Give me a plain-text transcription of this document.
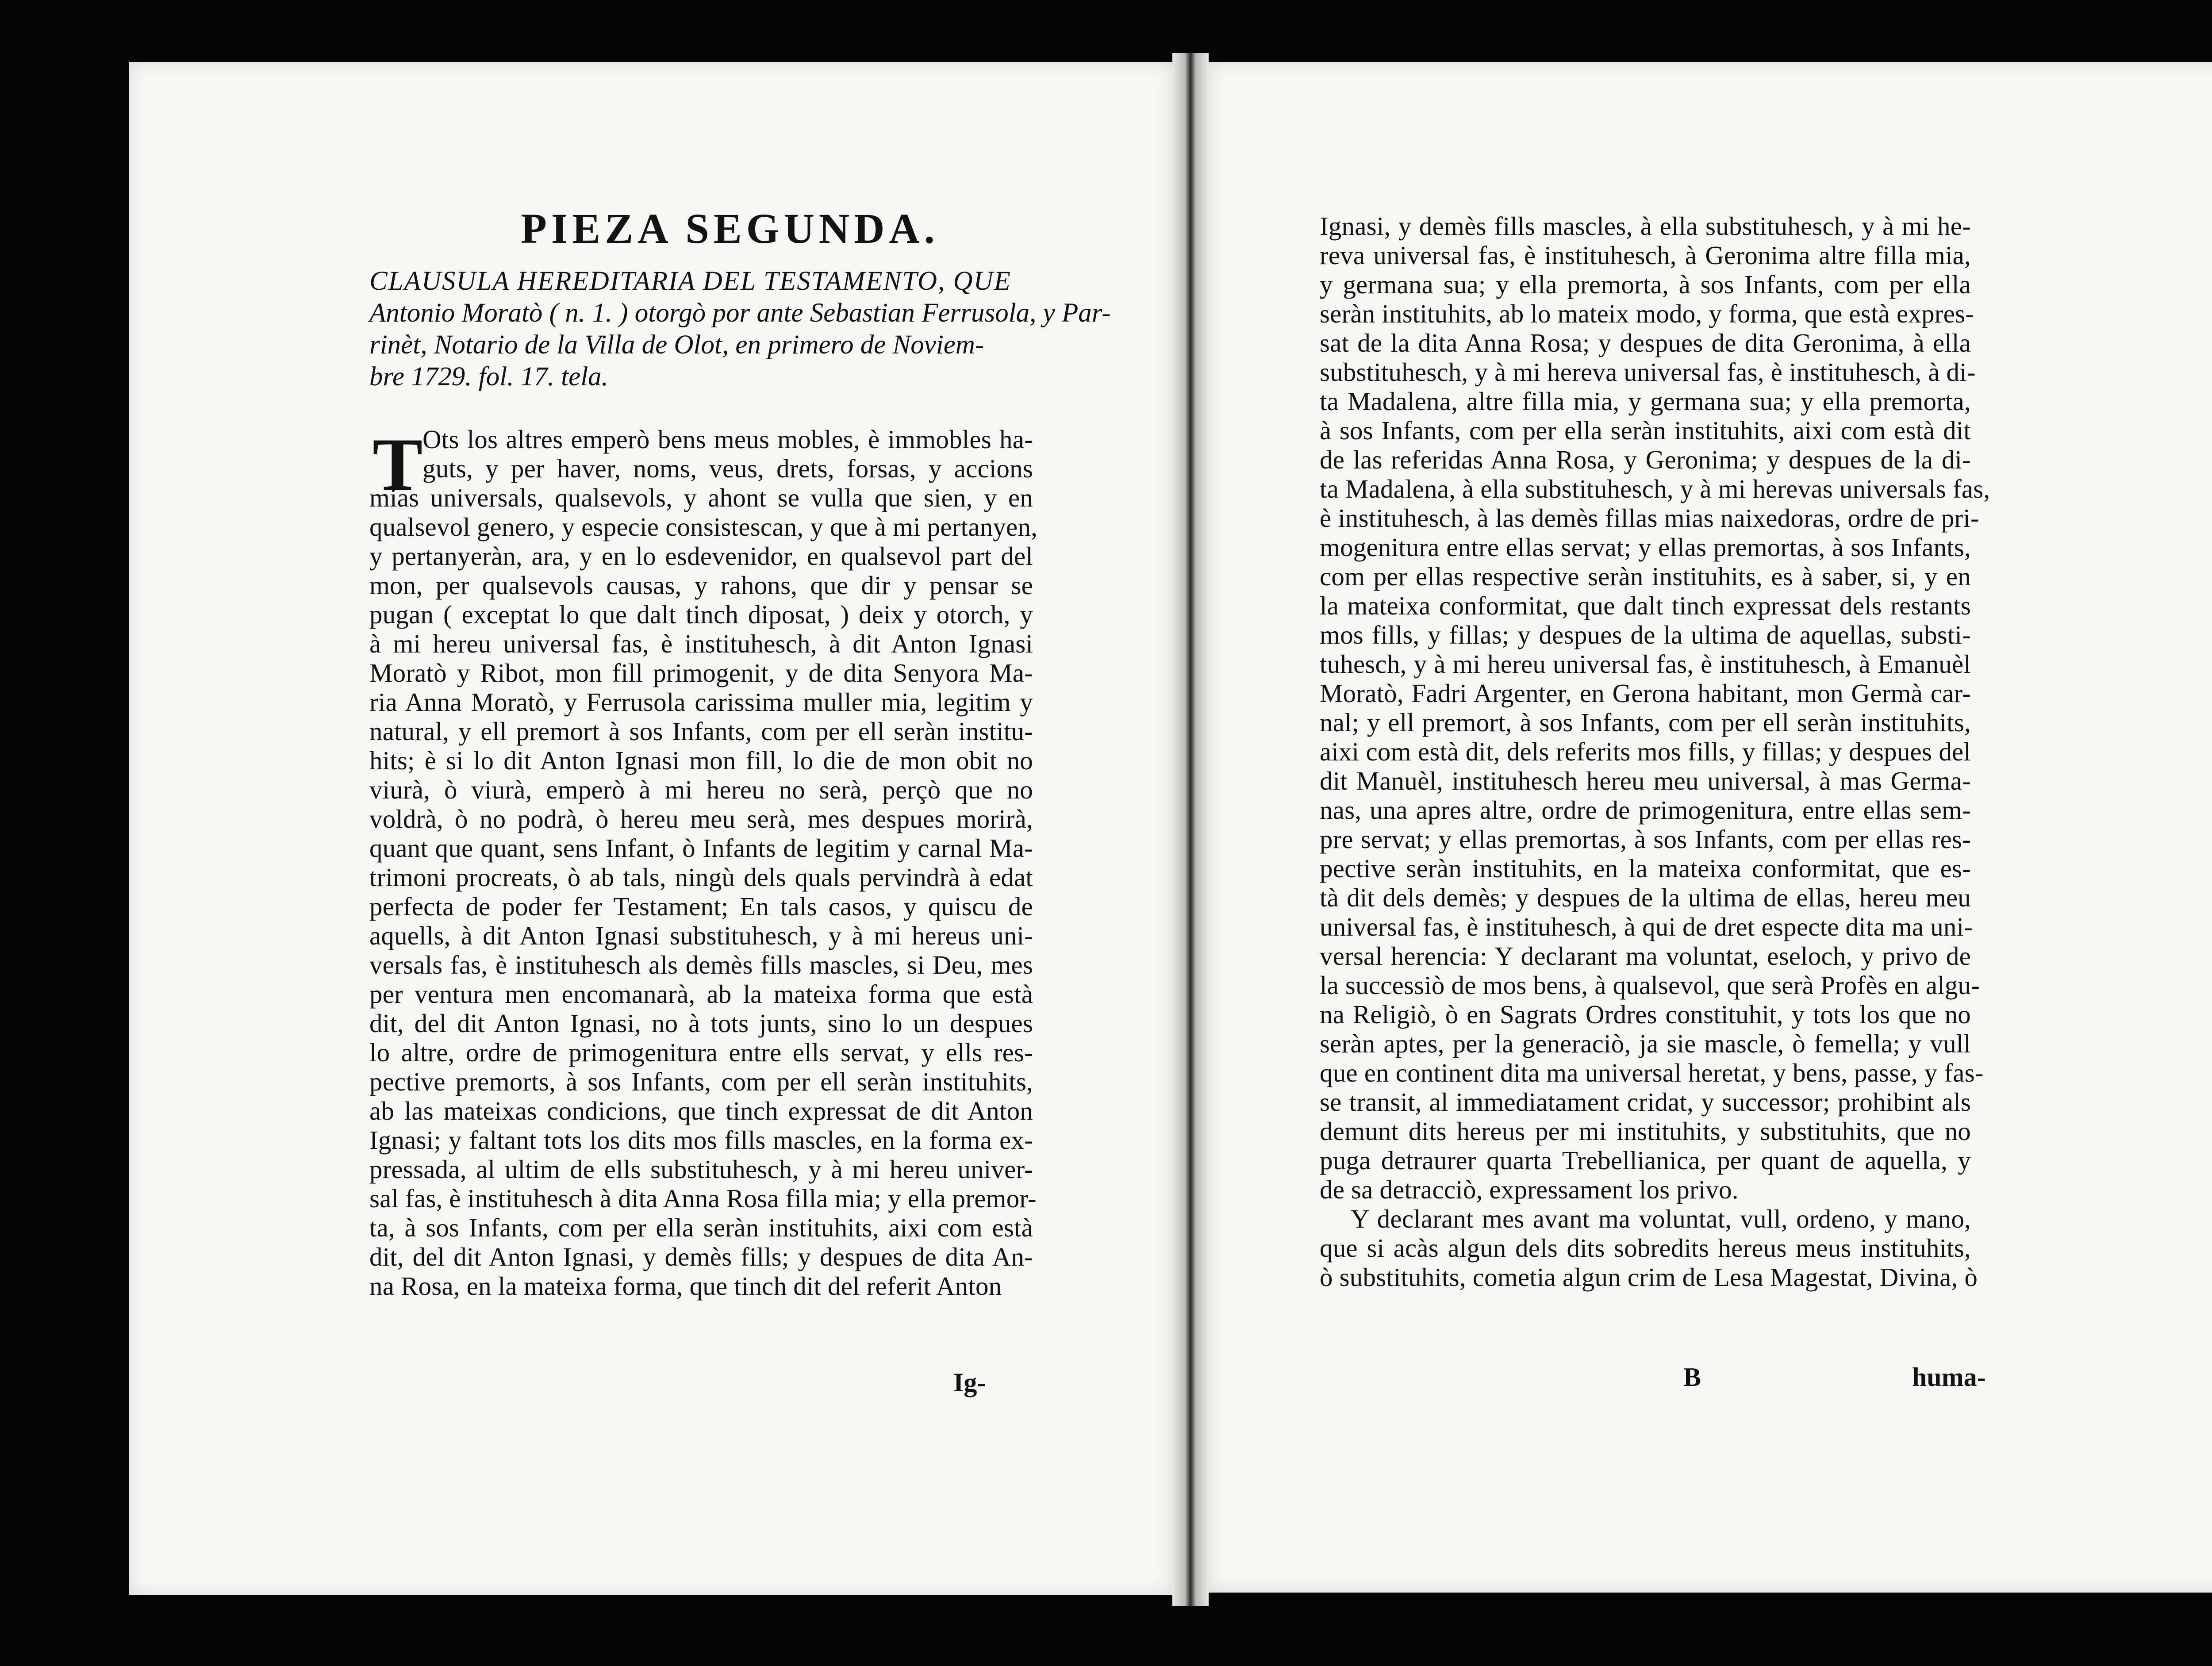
PIEZA SEGUNDA.
CLAUSULA HEREDITARIA DEL TESTAMENTO, QUE
Antonio Moratò ( n. 1. ) otorgò por ante Sebastian Ferrusola, y Par-
rinèt, Notario de la Villa de Olot, en primero de Noviem-
bre 1729. fol. 17. tela.
T Ots los altres emperò bens meus mobles, è immobles ha-
guts, y per haver, noms, veus, drets, forsas, y accions
mias universals, qualsevols, y ahont se vulla que sien, y en
qualsevol genero, y especie consistescan, y que à mi pertanyen,
y pertanyeràn, ara, y en lo esdevenidor, en qualsevol part del
mon, per qualsevols causas, y rahons, que dir y pensar se
pugan ( exceptat lo que dalt tinch diposat, ) deix y otorch, y
à mi hereu universal fas, è instituhesch, à dit Anton Ignasi
Moratò y Ribot, mon fill primogenit, y de dita Senyora Ma-
ria Anna Moratò, y Ferrusola carissima muller mia, legitim y
natural, y ell premort à sos Infants, com per ell seràn institu-
hits; è si lo dit Anton Ignasi mon fill, lo die de mon obit no
viurà, ò viurà, emperò à mi hereu no serà, perçò que no
voldrà, ò no podrà, ò hereu meu serà, mes despues morirà,
quant que quant, sens Infant, ò Infants de legitim y carnal Ma-
trimoni procreats, ò ab tals, ningù dels quals pervindrà à edat
perfecta de poder fer Testament; En tals casos, y quiscu de
aquells, à dit Anton Ignasi substituhesch, y à mi hereus uni-
versals fas, è instituhesch als demès fills mascles, si Deu, mes
per ventura men encomanarà, ab la mateixa forma que està
dit, del dit Anton Ignasi, no à tots junts, sino lo un despues
lo altre, ordre de primogenitura entre ells servat, y ells res-
pective premorts, à sos Infants, com per ell seràn instituhits,
ab las mateixas condicions, que tinch expressat de dit Anton
Ignasi; y faltant tots los dits mos fills mascles, en la forma ex-
pressada, al ultim de ells substituhesch, y à mi hereu univer-
sal fas, è instituhesch à dita Anna Rosa filla mia; y ella premor-
ta, à sos Infants, com per ella seràn instituhits, aixi com està
dit, del dit Anton Ignasi, y demès fills; y despues de dita An-
na Rosa, en la mateixa forma, que tinch dit del referit Anton
Ig-
Ignasi, y demès fills mascles, à ella substituhesch, y à mi he-
reva universal fas, è instituhesch, à Geronima altre filla mia,
y germana sua; y ella premorta, à sos Infants, com per ella
seràn instituhits, ab lo mateix modo, y forma, que està expres-
sat de la dita Anna Rosa; y despues de dita Geronima, à ella
substituhesch, y à mi hereva universal fas, è instituhesch, à di-
ta Madalena, altre filla mia, y germana sua; y ella premorta,
à sos Infants, com per ella seràn instituhits, aixi com està dit
de las referidas Anna Rosa, y Geronima; y despues de la di-
ta Madalena, à ella substituhesch, y à mi herevas universals fas,
è instituhesch, à las demès fillas mias naixedoras, ordre de pri-
mogenitura entre ellas servat; y ellas premortas, à sos Infants,
com per ellas respective seràn instituhits, es à saber, si, y en
la mateixa conformitat, que dalt tinch expressat dels restants
mos fills, y fillas; y despues de la ultima de aquellas, substi-
tuhesch, y à mi hereu universal fas, è instituhesch, à Emanuèl
Moratò, Fadri Argenter, en Gerona habitant, mon Germà car-
nal; y ell premort, à sos Infants, com per ell seràn instituhits,
aixi com està dit, dels referits mos fills, y fillas; y despues del
dit Manuèl, instituhesch hereu meu universal, à mas Germa-
nas, una apres altre, ordre de primogenitura, entre ellas sem-
pre servat; y ellas premortas, à sos Infants, com per ellas res-
pective seràn instituhits, en la mateixa conformitat, que es-
tà dit dels demès; y despues de la ultima de ellas, hereu meu
universal fas, è instituhesch, à qui de dret especte dita ma uni-
versal herencia: Y declarant ma voluntat, eseloch, y privo de
la successiò de mos bens, à qualsevol, que serà Profès en algu-
na Religiò, ò en Sagrats Ordres constituhit, y tots los que no
seràn aptes, per la generaciò, ja sie mascle, ò femella; y vull
que en continent dita ma universal heretat, y bens, passe, y fas-
se transit, al immediatament cridat, y successor; prohibint als
demunt dits hereus per mi instituhits, y substituhits, que no
puga detraurer quarta Trebellianica, per quant de aquella, y
de sa detracciò, expressament los privo.
Y declarant mes avant ma voluntat, vull, ordeno, y mano,
que si acàs algun dels dits sobredits hereus meus instituhits,
ò substituhits, cometia algun crim de Lesa Magestat, Divina, ò
B	huma-
